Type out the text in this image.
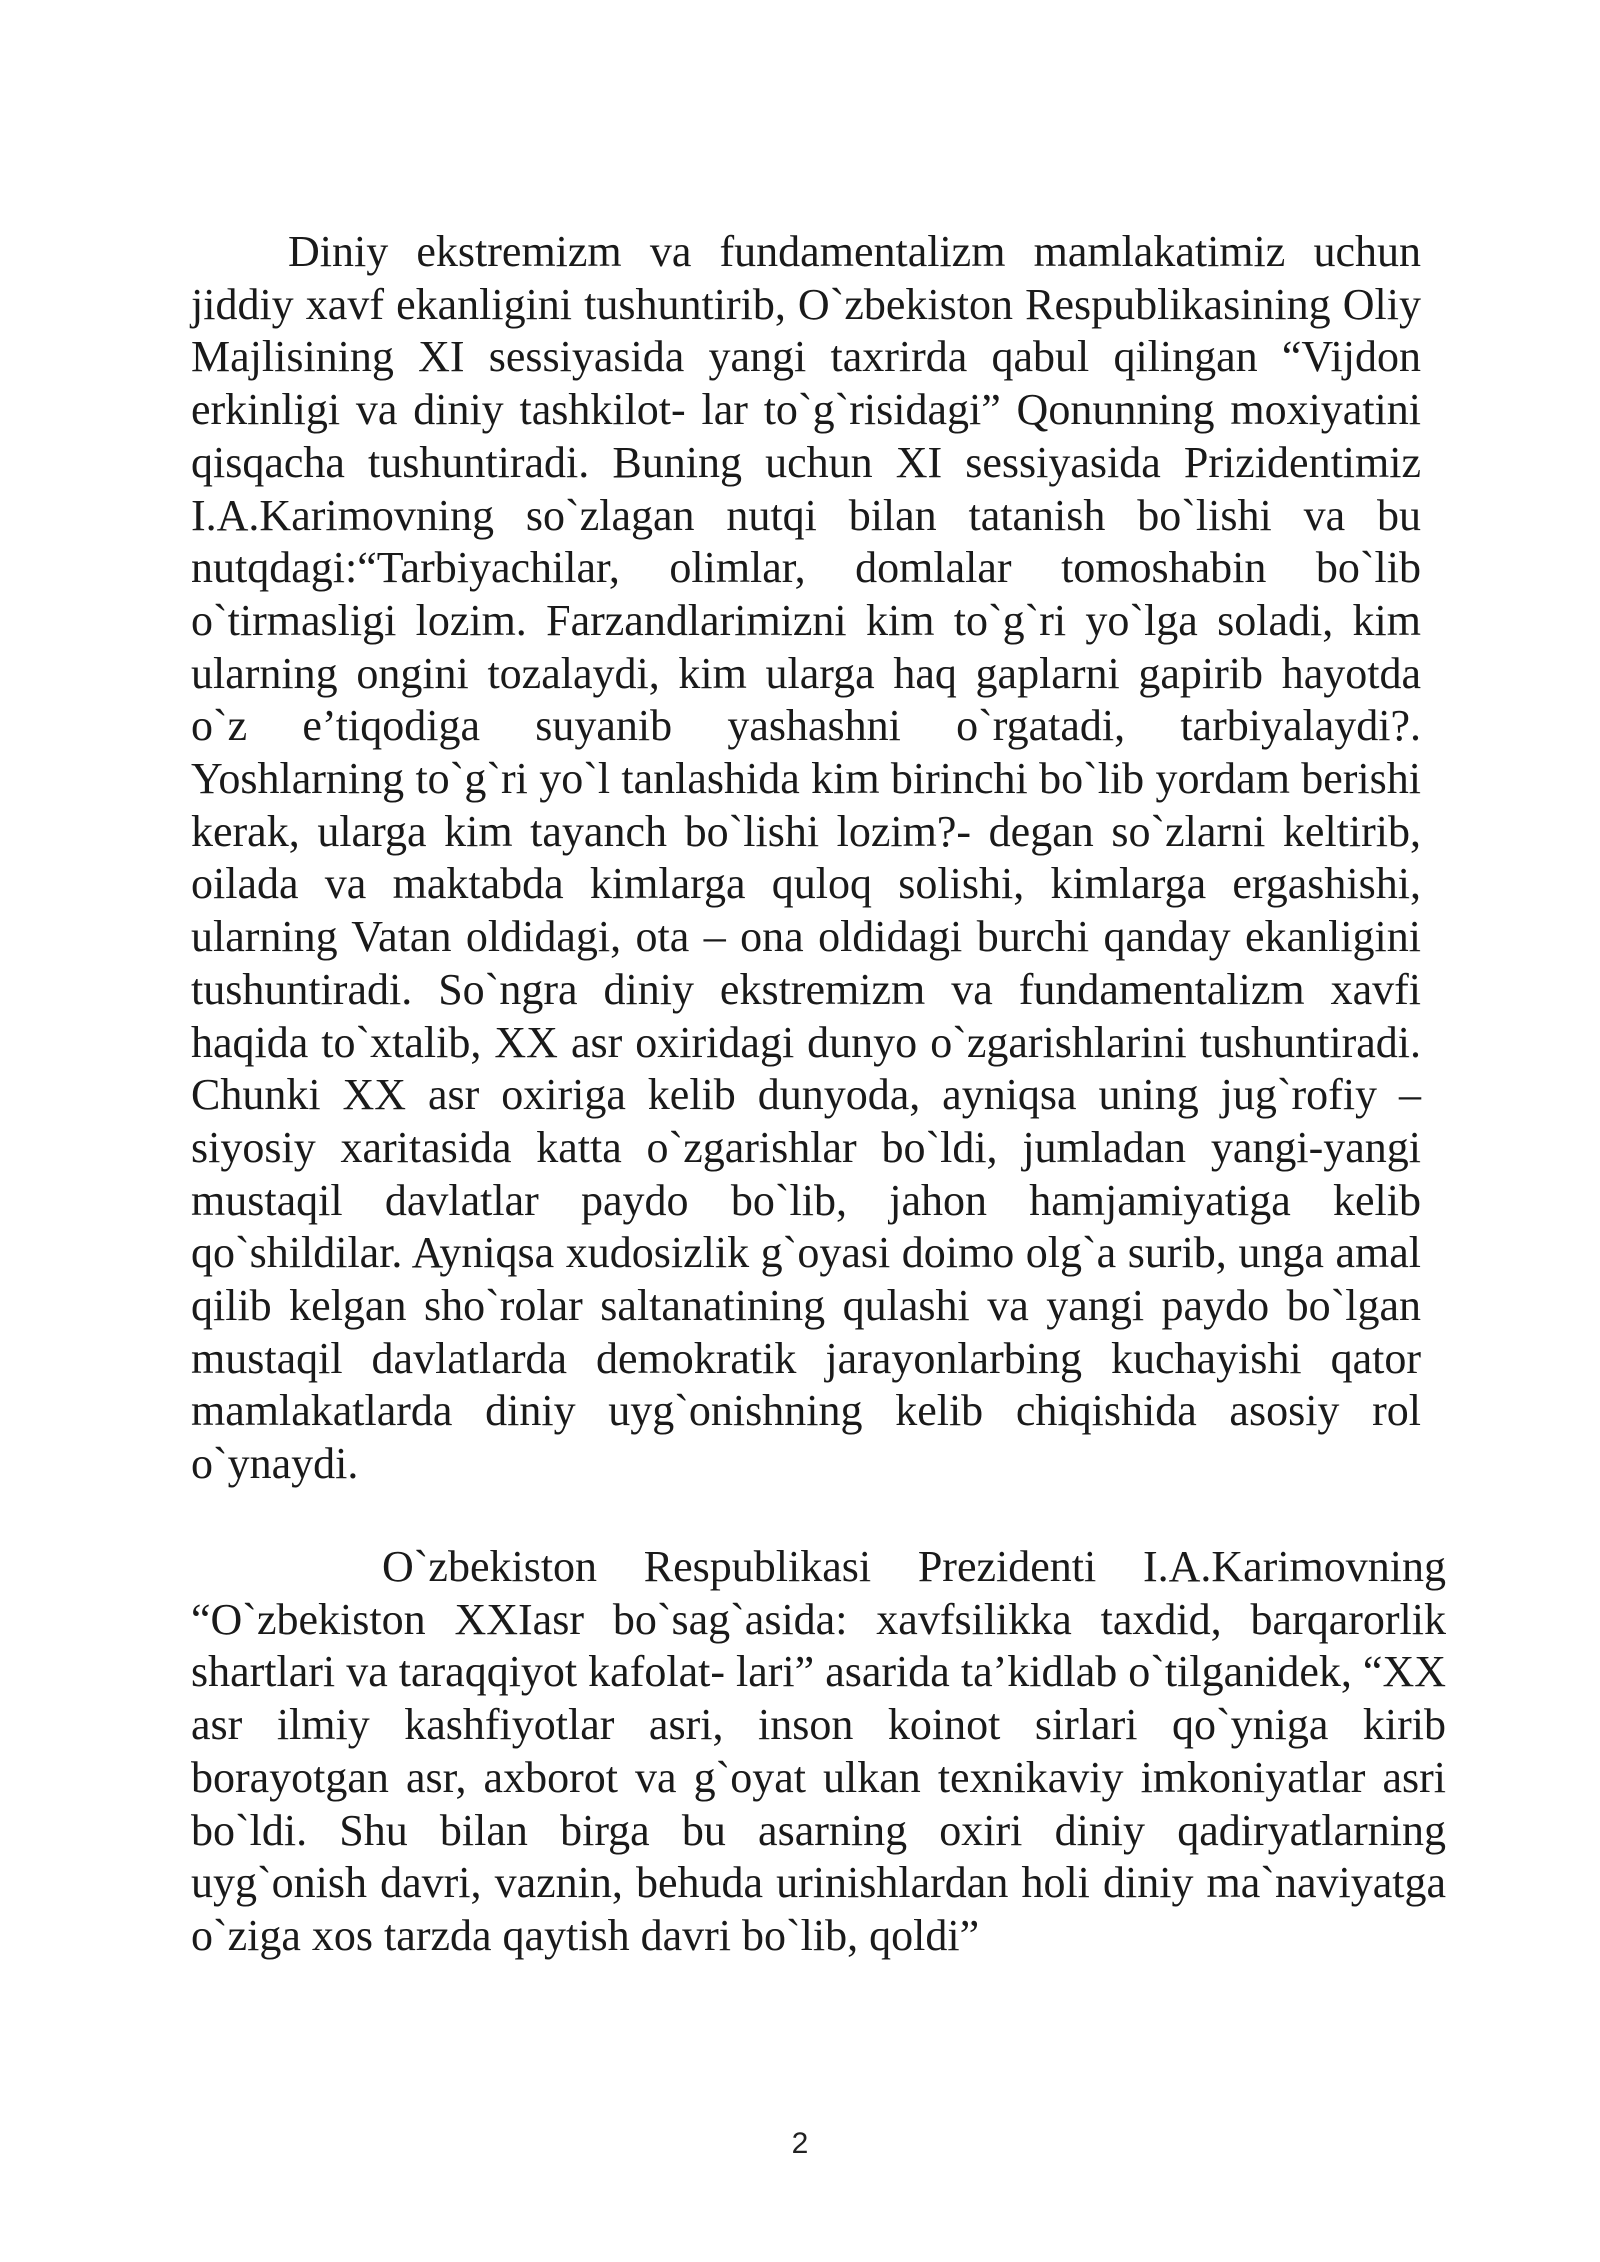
Diniy ekstremizm va fundamentalizm mamlakatimiz uchun jiddiy xavf ekanligini tushuntirib, O`zbekiston Respublikasining Oliy Majlisining XI sessiyasida yangi taxrirda qabul qilingan “Vijdon erkinligi va diniy tashkilot- lar to`g`risidagi” Qonunning moxiyatini qisqacha tushuntiradi. Buning uchun XI sessiyasida Prizidentimiz I.A.Karimovning so`zlagan nutqi bilan tatanish bo`lishi va bu nutqdagi:“Tarbiyachilar, olimlar, domlalar tomoshabin bo`lib o`tirmasligi lozim. Farzandlarimizni kim to`g`ri yo`lga soladi, kim ularning ongini tozalaydi, kim ularga haq gaplarni gapirib hayotda o`z e’tiqodiga suyanib yashashni o`rgatadi, tarbiyalaydi?. Yoshlarning to`g`ri yo`l tanlashida kim birinchi bo`lib yordam berishi kerak, ularga kim tayanch bo`lishi lozim?- degan so`zlarni keltirib, oilada va maktabda kimlarga quloq solishi, kimlarga ergashishi, ularning Vatan oldidagi, ota – ona oldidagi burchi qanday ekanligini tushuntiradi. So`ngra diniy ekstremizm va fundamentalizm xavfi haqida to`xtalib, XX asr oxiridagi dunyo o`zgarishlarini tushuntiradi. Chunki XX asr oxiriga kelib dunyoda, ayniqsa uning jug`rofiy – siyosiy xaritasida katta o`zgarishlar bo`ldi, jumladan yangi-yangi mustaqil davlatlar paydo bo`lib, jahon hamjamiyatiga kelib qo`shildilar. Ayniqsa xudosizlik g`oyasi doimo olg`a surib, unga amal qilib kelgan sho`rolar saltanatining qulashi va yangi paydo bo`lgan mustaqil davlatlarda demokratik jarayonlarbing kuchayishi qator mamlakatlarda diniy uyg`onishning kelib chiqishida asosiy rol o`ynaydi.

O`zbekiston Respublikasi Prezidenti I.A.Karimovning “O`zbekiston XXIasr bo`sag`asida: xavfsilikka taxdid, barqarorlik shartlari va taraqqiyot kafolat- lari” asarida ta’kidlab o`tilganidek, “XX asr ilmiy kashfiyotlar asri, inson koinot sirlari qo`yniga kirib borayotgan asr, axborot va g`oyat ulkan texnikaviy imkoniyatlar asri bo`ldi. Shu bilan birga bu asarning oxiri diniy qadiryatlarning uyg`onish davri, vaznin, behuda urinishlardan holi diniy ma`naviyatga o`ziga xos tarzda qaytish davri bo`lib, qoldi”

2
